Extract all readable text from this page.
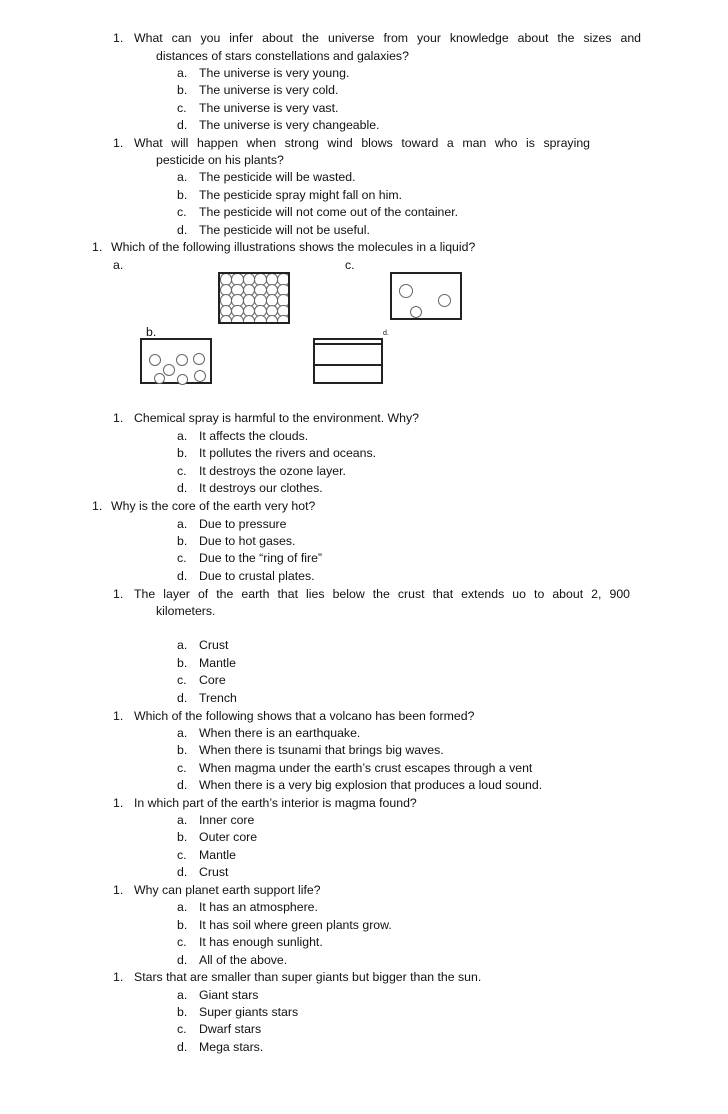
1. What can you infer about the universe from your knowledge about the sizes and
distances of stars constellations and galaxies?
a. The universe is very young.
b. The universe is very cold.
c. The universe is very vast.
d. The universe is very changeable.
1. What will happen when strong wind blows toward a man who is spraying
pesticide on his plants?
a. The pesticide will be wasted.
b. The pesticide spray might fall on him.
c. The pesticide will not come out of the container.
d. The pesticide will not be useful.
1. Which of the following illustrations shows the molecules in a liquid?
a.	c.
b.	d.
1. Chemical spray is harmful to the environment. Why?
a. It affects the clouds.
b. It pollutes the rivers and oceans.
c. It destroys the ozone layer.
d. It destroys our clothes.
1. Why is the core of the earth very hot?
a. Due to pressure
b. Due to hot gases.
c. Due to the “ring of fire”
d. Due to crustal plates.
1. The layer of the earth that lies below the crust that extends uo to about 2, 900
kilometers.
a. Crust
b. Mantle
c. Core
d. Trench
1. Which of the following shows that a volcano has been formed?
a. When there is an earthquake.
b. When there is tsunami that brings big waves.
c. When magma under the earth’s crust escapes through a vent
d. When there is a very big explosion that produces a loud sound.
1. In which part of the earth’s interior is magma found?
a. Inner core
b. Outer core
c. Mantle
d. Crust
1. Why can planet earth support life?
a. It has an atmosphere.
b. It has soil where green plants grow.
c. It has enough sunlight.
d. All of the above.
1. Stars that are smaller than super giants but bigger than the sun.
a. Giant stars
b. Super giants stars
c. Dwarf stars
d. Mega stars.
